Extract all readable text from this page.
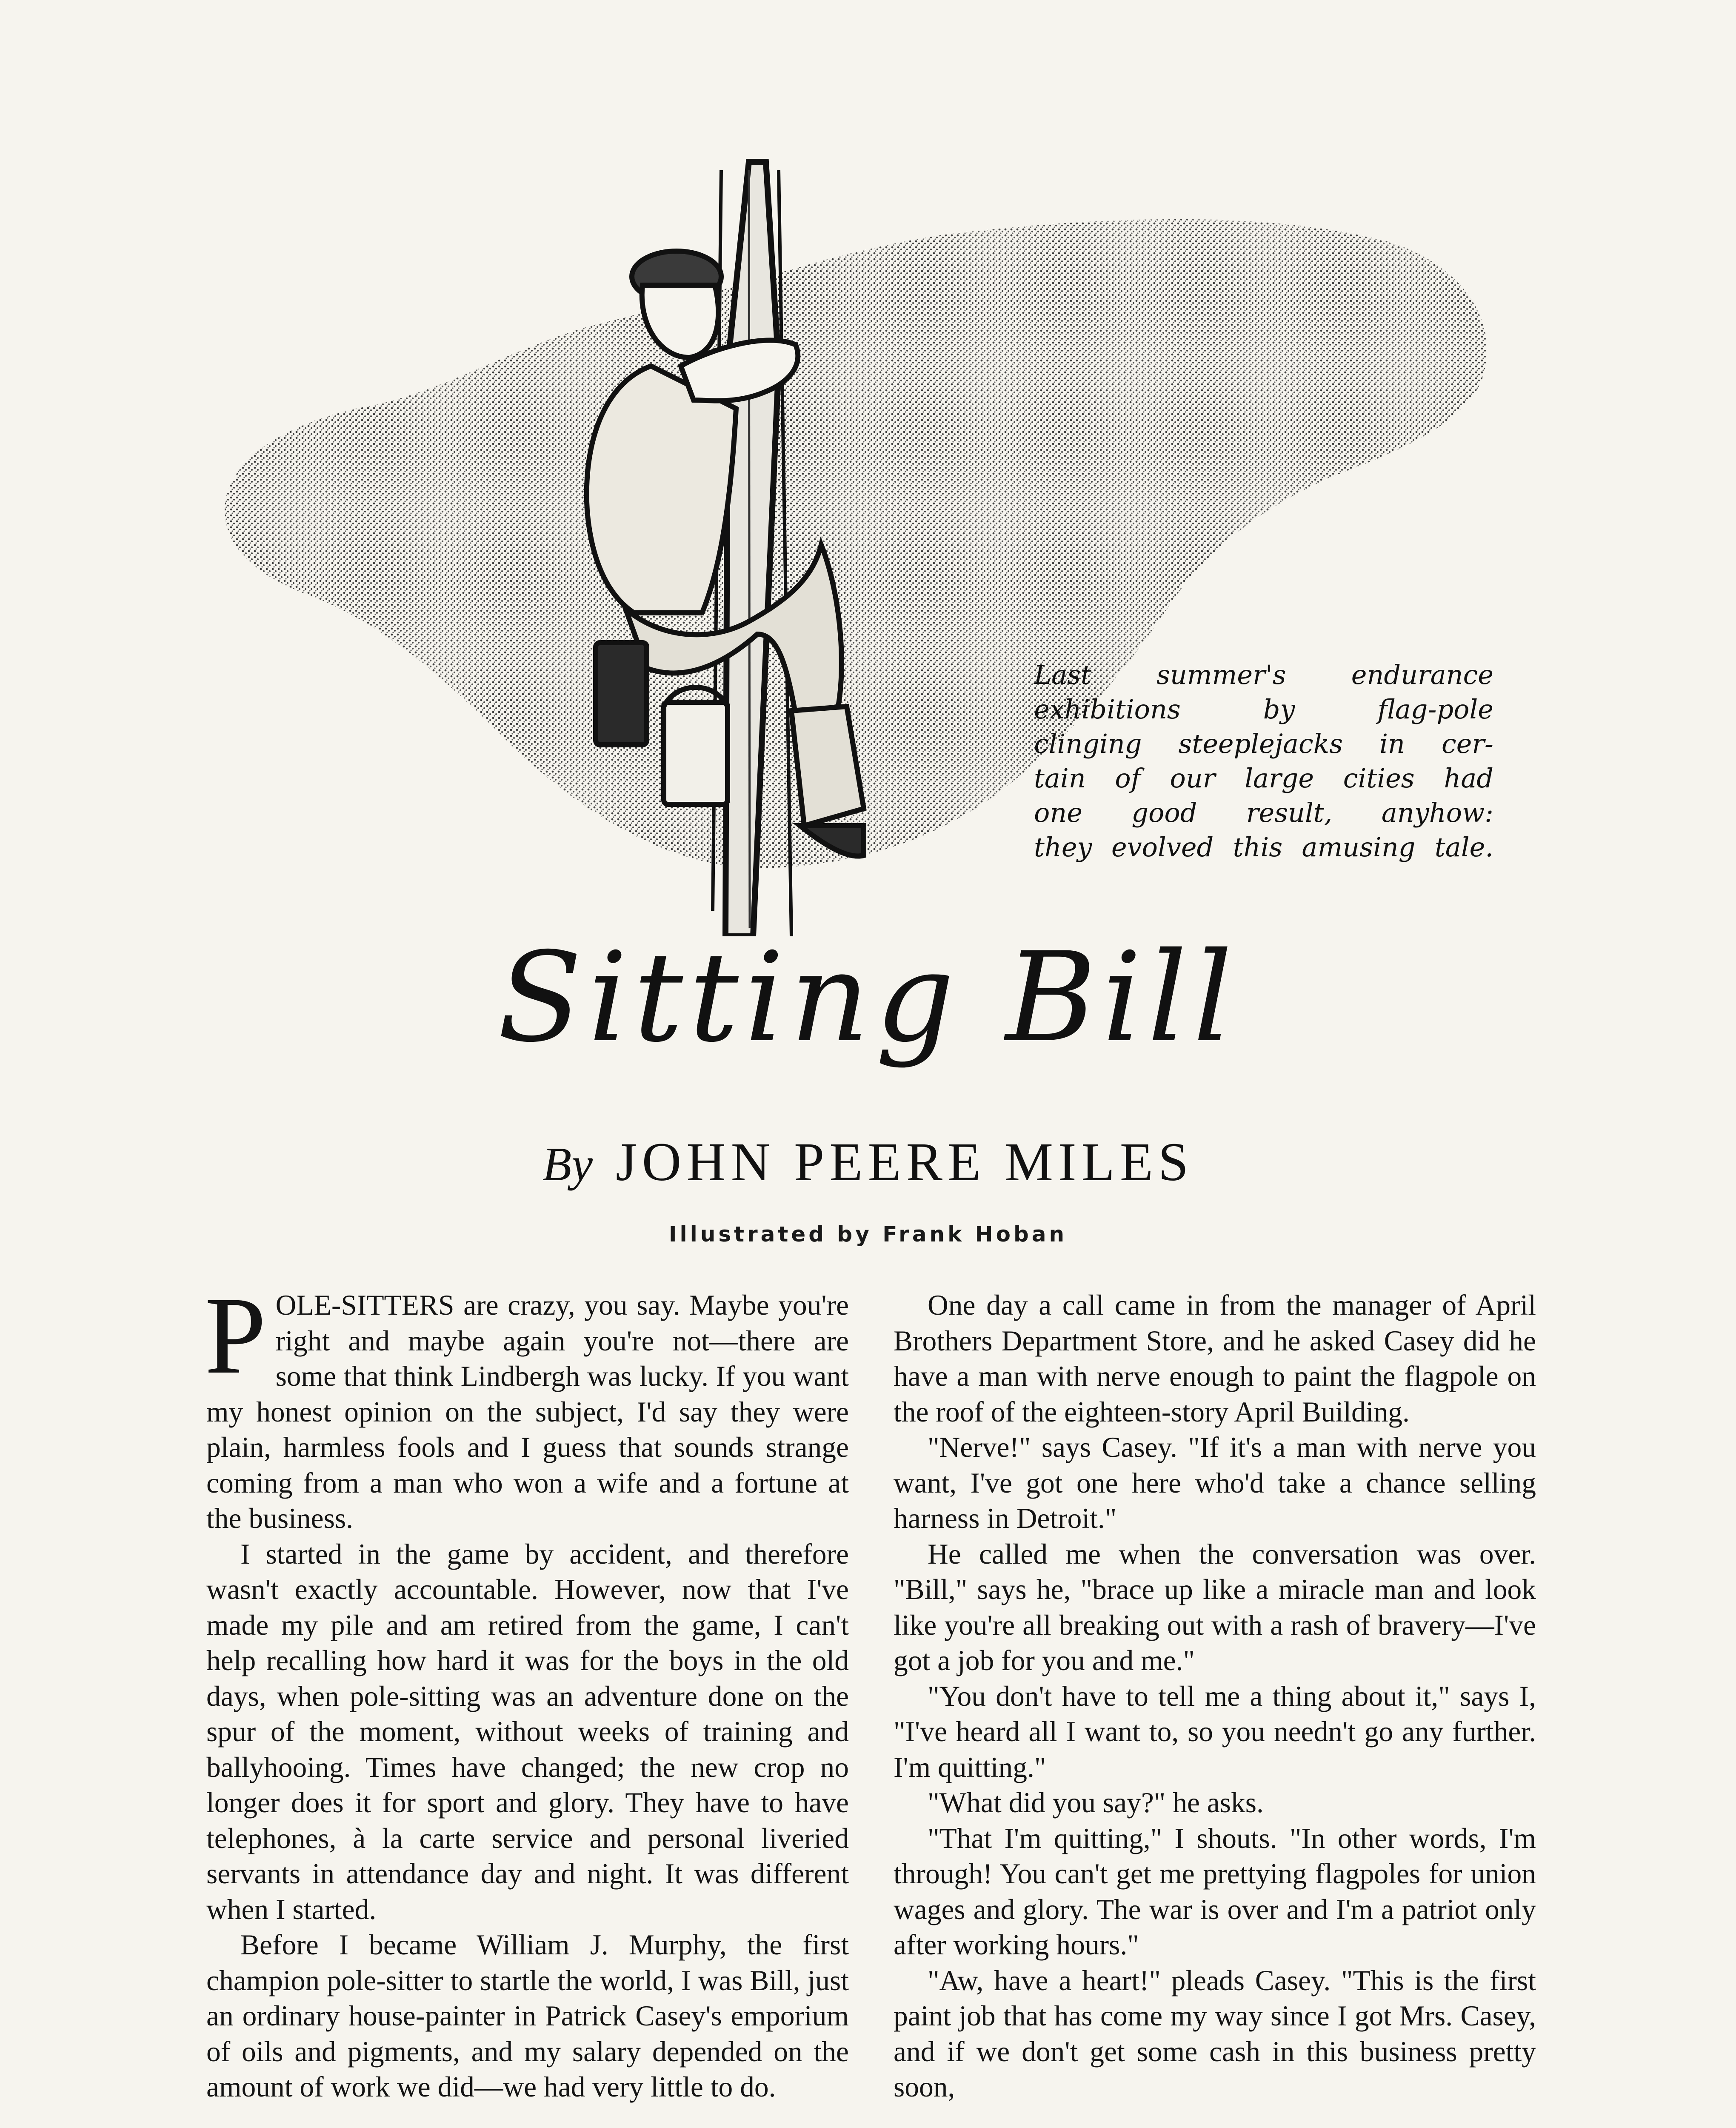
Last summer's endurance
exhibitions by flag-pole
clinging steeplejacks in cer-
tain of our large cities had
one good result, anyhow:
they evolved this amusing tale.
Sitting Bill
By JOHN PEERE MILES
Illustrated by Frank Hoban

POLE-SITTERS are crazy, you say. Maybe you're right and maybe again you're not—there are some that think Lindbergh was lucky. If you want my honest opinion on the subject, I'd say they were plain, harmless fools and I guess that sounds strange coming from a man who won a wife and a fortune at the business.

I started in the game by accident, and therefore wasn't exactly accountable. However, now that I've made my pile and am retired from the game, I can't help recalling how hard it was for the boys in the old days, when pole-sitting was an adventure done on the spur of the moment, without weeks of training and ballyhooing. Times have changed; the new crop no longer does it for sport and glory. They have to have telephones, à la carte service and personal liveried servants in attendance day and night. It was different when I started.

Before I became William J. Murphy, the first champion pole-sitter to startle the world, I was Bill, just an ordinary house-painter in Patrick Casey's emporium of oils and pigments, and my salary depended on the amount of work we did—we had very little to do.

One day a call came in from the manager of April Brothers Department Store, and he asked Casey did he have a man with nerve enough to paint the flagpole on the roof of the eighteen-story April Building.

"Nerve!" says Casey. "If it's a man with nerve you want, I've got one here who'd take a chance selling harness in Detroit."

He called me when the conversation was over. "Bill," says he, "brace up like a miracle man and look like you're all breaking out with a rash of bravery—I've got a job for you and me."

"You don't have to tell me a thing about it," says I, "I've heard all I want to, so you needn't go any further. I'm quitting."

"What did you say?" he asks.

"That I'm quitting," I shouts. "In other words, I'm through! You can't get me prettying flagpoles for union wages and glory. The war is over and I'm a patriot only after working hours."

"Aw, have a heart!" pleads Casey. "This is the first paint job that has come my way since I got Mrs. Casey, and if we don't get some cash in this business pretty soon,
